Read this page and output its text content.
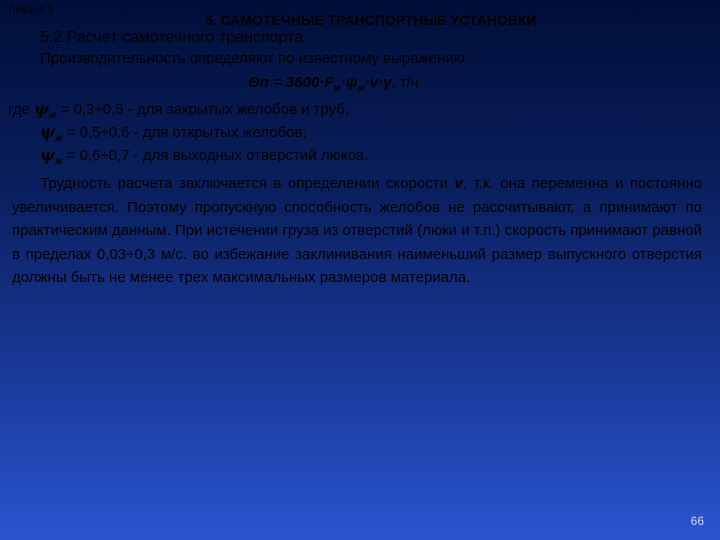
Лекция 5
5. САМОТЕЧНЫЕ ТРАНСПОРТНЫЕ УСТАНОВКИ
5.2 Расчет самотечного транспорта
Производительность определяют по известному выражению:
$\Theta п = 3600\cdot F_ж\cdot\psi_ж\cdot v\cdot\gamma$, т/ч
где $\psi_ж = 0,3\div 0,5$ - для закрытых желобов и труб;
$\psi_ж = 0,5\div 0,6$ - для открытых желобов;
$\psi_ж = 0,6\div 0,7$ - для выходных отверстий люков.
Трудность расчета заключается в определении скорости v, т.к. она переменна и постоянно увеличивается. Поэтому пропускную способность желобов не рассчитывают, а принимают по практическим данным. При истечении груза из отверстий (люки и т.п.) скорость принимают равной в пределах 0,03÷0,3 м/с. во избежание заклинивания наименьший размер выпускного отверстия должны быть не менее трех максимальных размеров материала.
66
